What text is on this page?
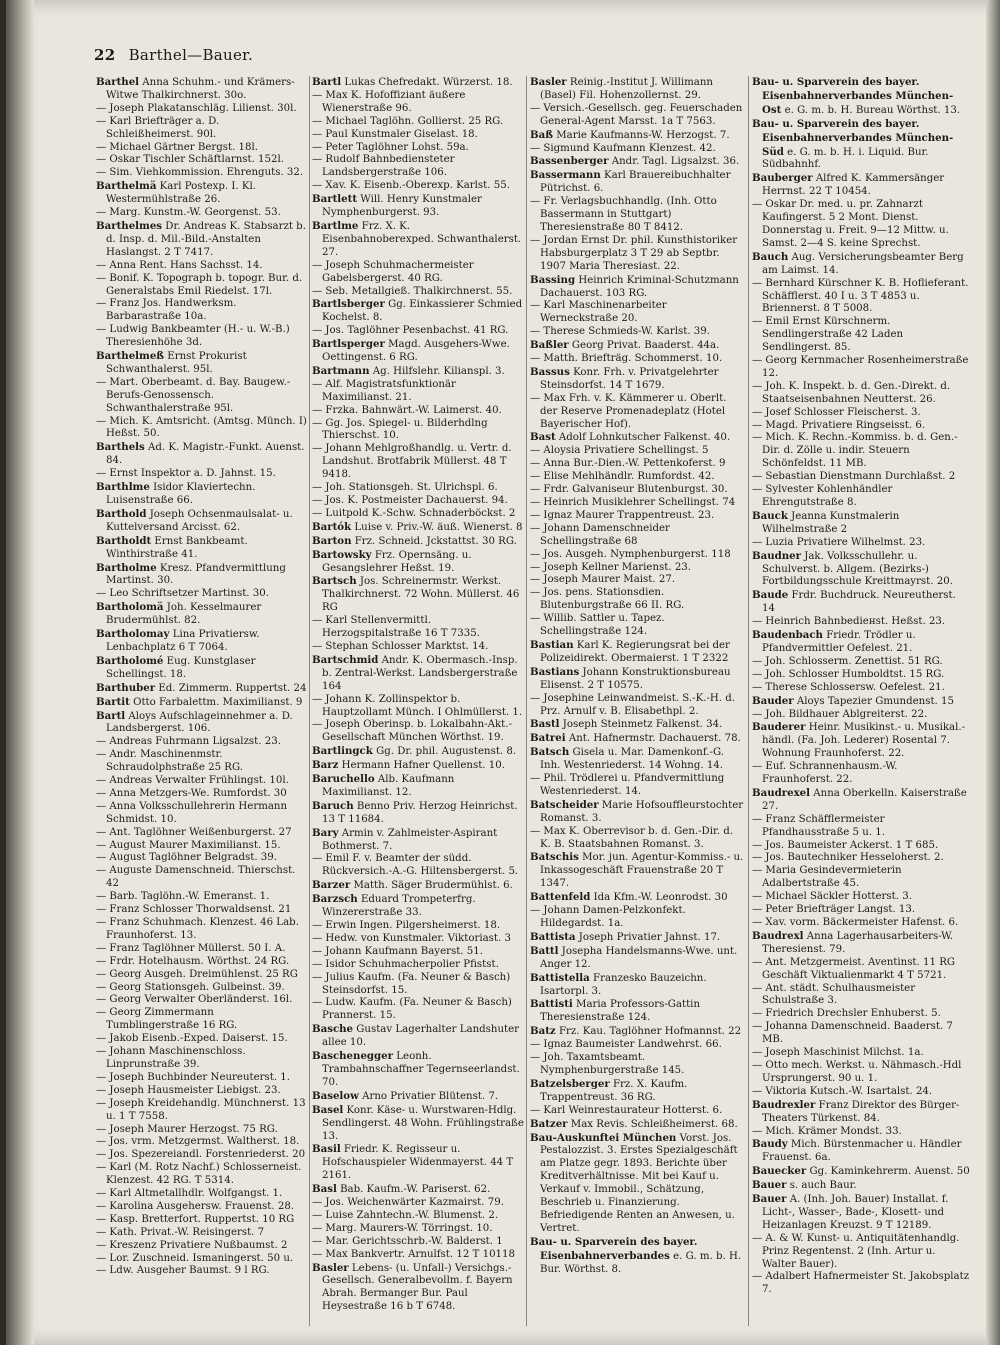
22 Barthel—Bauer.

Barthel Anna Schuhm.- und Krämers-Witwe Thalkirchnerst. 30o.

— Joseph Plakatanschläg. Lilienst. 30l.

— Karl Briefträger a. D. Schleißheimerst. 90l.

— Michael Gärtner Bergst. 18l.

— Oskar Tischler Schäftlarnst. 152l.

— Sim. Viehkommission. Ehrenguts. 32.

Barthelmä Karl Postexp. I. Kl. Westermühlstraße 26.

— Marg. Kunstm.-W. Georgenst. 53.

Barthelmes Dr. Andreas K. Stabsarzt b. d. Insp. d. Mil.-Bild.-Anstalten Haslangst. 2 T 7417.

— Anna Rent. Hans Sachsst. 14.

— Bonif. K. Topograph b. topogr. Bur. d. Generalstabs Emil Riedelst. 17l.

— Franz Jos. Handwerksm. Barbarastraße 10a.

— Ludwig Bankbeamter (H.- u. W.-B.) Theresienhöhe 3d.

Barthelmeß Ernst Prokurist Schwanthalerst. 95l.

— Mart. Oberbeamt. d. Bay. Baugew.-Berufs-Genossensch. Schwanthalerstraße 95l.

— Mich. K. Amtsricht. (Amtsg. Münch. I) Heßst. 50.

Barthels Ad. K. Magistr.-Funkt. Auenst. 84.

— Ernst Inspektor a. D. Jahnst. 15.

Barthlme Isidor Klaviertechn. Luisenstraße 66.

Barthold Joseph Ochsenmaulsalat- u. Kuttelversand Arcisst. 62.

Bartholdt Ernst Bankbeamt. Winthirstraße 41.

Bartholme Kresz. Pfandvermittlung Martinst. 30.

— Leo Schriftsetzer Martinst. 30.

Bartholomä Joh. Kesselmaurer Brudermühlst. 82.

Bartholomay Lina Privatiersw. Lenbachplatz 6 T 7064.

Bartholomé Eug. Kunstglaser Schellingst. 18.

Barthuber Ed. Zimmerm. Ruppertst. 24

Bartit Otto Farbalettm. Maximilianst. 9

Bartl Aloys Aufschlageinnehmer a. D. Landsbergerst. 106.

— Andreas Fuhrmann Ligsalzst. 23.

— Andr. Maschinenmstr. Schraudolphstraße 25 RG.

— Andreas Verwalter Frühlingst. 10l.

— Anna Metzgers-We. Rumfordst. 30

— Anna Volksschullehrerin Hermann Schmidst. 10.

— Ant. Taglöhner Weißenburgerst. 27

— August Maurer Maximilianst. 15.

— August Taglöhner Belgradst. 39.

— Auguste Damenschneid. Thierschst. 42

— Barb. Taglöhn.-W. Emeranst. 1.

— Franz Schlosser Thorwaldsenst. 21

— Franz Schuhmach. Klenzest. 46 Lab. Fraunhoferst. 13.

— Franz Taglöhner Müllerst. 50 I. A.

— Frdr. Hotelhausm. Wörthst. 24 RG.

— Georg Ausgeh. Dreimühlenst. 25 RG

— Georg Stationsgeh. Gulbeinst. 39.

— Georg Verwalter Oberländerst. 16l.

— Georg Zimmermann Tumblingerstraße 16 RG.

— Jakob Eisenb.-Exped. Daiserst. 15.

— Johann Maschinenschloss. Linprunstraße 39.

— Joseph Buchbinder Neureuterst. 1.

— Joseph Hausmeister Liebigst. 23.

— Joseph Kreidehandlg. Münchnerst. 13 u. 1 T 7558.

— Joseph Maurer Herzogst. 75 RG.

— Jos. vrm. Metzgermst. Waltherst. 18.

— Jos. Spezereiandl. Forstenriederst. 20

— Karl (M. Rotz Nachf.) Schlosserneist. Klenzest. 42 RG. T 5314.

— Karl Altmetallhdlr. Wolfgangst. 1.

— Karolina Ausgehersw. Frauenst. 28.

— Kasp. Bretterfort. Ruppertst. 10 RG

— Kath. Privat.-W. Reisingerst. 7

— Kreszenz Privatiere Nußbaumst. 2

— Lor. Zuschneid. Ismaningerst. 50 u.

— Ldw. Ausgeher Baumst. 9 l RG.

Bartl Lukas Chefredakt. Würzerst. 18.

— Max K. Hofoffiziant äußere Wienerstraße 96.

— Michael Taglöhn. Gollierst. 25 RG.

— Paul Kunstmaler Giselast. 18.

— Peter Taglöhner Lohst. 59a.

— Rudolf Bahnbedienstеter Landsbergerstraße 106.

— Xav. K. Eisenb.-Oberexp. Karlst. 55.

Bartlett Will. Henry Kunstmaler Nymphenburgerst. 93.

Bartlme Frz. X. K. Eisenbahnoberexped. Schwanthalerst. 27.

— Joseph Schuhmachermeister Gabelsbergerst. 40 RG.

— Seb. Metallgieß. Thalkirchnerst. 55.

Bartlsberger Gg. Einkassierer Schmied Kochelst. 8.

— Jos. Taglöhner Pesenbachst. 41 RG.

Bartlsperger Magd. Ausgehers-Wwe. Oettingenst. 6 RG.

Bartmann Ag. Hilfslehr. Kilianspl. 3.

— Alf. Magistratsfunktionär Maximilianst. 21.

— Frzka. Bahnwärt.-W. Laimerst. 40.

— Gg. Jos. Spiegel- u. Bilderhdlng Thierschst. 10.

— Johann Mehlgroßhandlg. u. Vertr. d. Landshut. Brotfabrik Müllerst. 48 T 9418.

— Joh. Stationsgeh. St. Ulrichspl. 6.

— Jos. K. Postmeister Dachauerst. 94.

— Luitpold K.-Schw. Schnaderböckst. 2

Bartók Luise v. Priv.-W. äuß. Wienerst. 8

Barton Frz. Schneid. Jckstattst. 30 RG.

Bartowsky Frz. Opernsäng. u. Gesangslehrer Heßst. 19.

Bartsch Jos. Schreinermstr. Werkst. Thalkirchnerst. 72 Wohn. Müllerst. 46 RG

— Karl Stellenvermittl. Herzogspitalstraße 16 T 7335.

— Stephan Schlosser Marktst. 14.

Bartschmid Andr. K. Obermasch.-Insp. b. Zentral-Werkst. Landsbergerstraße 164

— Johann K. Zollinspektor b. Hauptzollamt Münch. I Ohlmüllerst. 1.

— Joseph Oberinsp. b. Lokalbahn-Akt.-Gesellschaft München Wörthst. 19.

Bartlingck Gg. Dr. phil. Augustenst. 8.

Barz Hermann Hafner Quellenst. 10.

Baruchello Alb. Kaufmann Maximilianst. 12.

Baruch Benno Priv. Herzog Heinrichst. 13 T 11684.

Bary Armin v. Zahlmeister-Aspirant Bothmerst. 7.

— Emil F. v. Beamter der südd. Rückversich.-A.-G. Hiltensbergerst. 5.

Barzer Matth. Säger Brudermühlst. 6.

Barzsch Eduard Trompeterfrg. Winzererstraße 33.

— Erwin Ingen. Pilgersheimerst. 18.

— Hedw. von Kunstmaler. Viktoriast. 3

— Johann Kaufmann Bayerst. 51.

— Isidor Schuhmacherpolier Pfistst.

— Julius Kaufm. (Fa. Neuner & Basch) Steinsdorfst. 15.

— Ludw. Kaufm. (Fa. Neuner & Basch) Prannerst. 15.

Basche Gustav Lagerhalter Landshuter allee 10.

Baschenegger Leonh. Trambahnschaffner Tegernseerlandst. 70.

Baselow Arno Privatier Blütenst. 7.

Basel Konr. Käse- u. Wurstwaren-Hdlg. Sendlingerst. 48 Wohn. Frühlingstraße 13.

Basil Friedr. K. Regisseur u. Hofschauspieler Widenmayerst. 44 T 2161.

Basl Bab. Kaufm.-W. Pariserst. 62.

— Jos. Weichenwärter Kazmairst. 79.

— Luise Zahntechn.-W. Blumenst. 2.

— Marg. Maurers-W. Törringst. 10.

— Mar. Gerichtsschrb.-W. Balderst. 1

— Max Bankvertr. Arnulfst. 12 T 10118

Basler Lebens- (u. Unfall-) Versichgs.-Gesellsch. Generalbevollm. f. Bayern Abrah. Bermanger Bur. Paul Heysestraße 16 b T 6748.

Basler Reinig.-Institut J. Willimann (Basel) Fil. Hohenzollernst. 29.

— Versich.-Gesellsch. geg. Feuerschaden General-Agent Marsst. 1a T 7563.

Baß Marie Kaufmanns-W. Herzogst. 7.

— Sigmund Kaufmann Klenzest. 42.

Bassenberger Andr. Tagl. Ligsalzst. 36.

Bassermann Karl Brauereibuchhalter Pütrichst. 6.

— Fr. Verlagsbuchhandlg. (Inh. Otto Bassermann in Stuttgart) Theresienstraße 80 T 8412.

— Jordan Ernst Dr. phil. Kunsthistoriker Habsburgerplatz 3 T 29 ab Septbr. 1907 Maria Theresiast. 22.

Bassing Heinrich Kriminal-Schutzmann Dachauerst. 103 RG.

— Karl Maschinenarbeiter Werneckstraße 20.

— Therese Schmieds-W. Karlst. 39.

Baßler Georg Privat. Baaderst. 44a.

— Matth. Briefträg. Schommerst. 10.

Bassus Konr. Frh. v. Privatgelehrter Steinsdorfst. 14 T 1679.

— Max Frh. v. K. Kämmerer u. Oberlt. der Reserve Promenadeplatz (Hotel Bayerischer Hof).

Bast Adolf Lohnkutscher Falkenst. 40.

— Aloysia Privatiere Schellingst. 5

— Anna Bur.-Dien.-W. Pettenkoferst. 9

— Elise Mehlhändlr. Rumfordst. 42.

— Frdr. Galvaniseur Blutenburgst. 30.

— Heinrich Musiklehrer Schellingst. 74

— Ignaz Maurer Trappentreust. 23.

— Johann Damenschneider Schellingstraße 68

— Jos. Ausgeh. Nymphenburgerst. 118

— Joseph Kellner Marienst. 23.

— Joseph Maurer Maist. 27.

— Jos. pens. Stationsdien. Blutenburgstraße 66 II. RG.

— Willib. Sattler u. Tapez. Schellingstraße 124.

Bastian Karl K. Regierungsrat bei der Polizeidirekt. Obermaierst. 1 T 2322

Bastians Johann Konstruktionsbureau Elisenst. 2 T 10575.

— Josephine Leinwandmeist. S.-K.-H. d. Prz. Arnulf v. B. Elisabethpl. 2.

Bastl Joseph Steinmetz Falkenst. 34.

Batrei Ant. Hafnermstr. Dachauerst. 78.

Batsch Gisela u. Mar. Damenkonf.-G. Inh. Westenriederst. 14 Wohng. 14.

— Phil. Trödlerei u. Pfandvermittlung Westenriederst. 14.

Batscheider Marie Hofsouffleurstochter Romanst. 3.

— Max K. Oberrevisor b. d. Gen.-Dir. d. K. B. Staatsbahnen Romanst. 3.

Batschis Mor. jun. Agentur-Kommiss.- u. Inkassogeschäft Frauenstraße 20 T 1347.

Battenfeld Ida Kfm.-W. Leonrodst. 30

— Johann Damen-Pelzkonfekt. Hildegardst. 1a.

Battista Joseph Privatier Jahnst. 17.

Battl Josepha Handelsmanns-Wwe. unt. Anger 12.

Battistella Franzesko Bauzeichn. Isartorpl. 3.

Battisti Maria Professors-Gattin Theresienstraße 124.

Batz Frz. Kau. Taglöhner Hofmannst. 22

— Ignaz Baumeister Landwehrst. 66.

— Joh. Taxamtsbeamt. Nymphenburgerstraße 145.

Batzelsberger Frz. X. Kaufm. Trappentreust. 36 RG.

— Karl Weinrestaurateur Hotterst. 6.

Batzer Max Revis. Schleißheimerst. 68.

Bau-Auskunftei München Vorst. Jos. Pestalozzist. 3. Erstes Spezialgeschäft am Platze gegr. 1893. Berichte über Kreditverhältnisse. Mit bei Kauf u. Verkauf v. Immobil., Schätzung, Beschrieb u. Finanzierung. Befriedigende Renten an Anwesen, u. Vertret.

Bau- u. Sparverein des bayer. Eisenbahnerverbandes e. G. m. b. H. Bur. Wörthst. 8.

Bau- u. Sparverein des bayer. Eisenbahnerverbandes München-Ost e. G. m. b. H. Bureau Wörthst. 13.

Bau- u. Sparverein des bayer. Eisenbahnerverbandes München-Süd e. G. m. b. H. i. Liquid. Bur. Südbahnhf.

Bauberger Alfred K. Kammersänger Herrnst. 22 T 10454.

— Oskar Dr. med. u. pr. Zahnarzt Kaufingerst. 5 2 Mont. Dienst. Donnerstag u. Freit. 9—12 Mittw. u. Samst. 2—4 S. keine Sprechst.

Bauch Aug. Versicherungsbeamter Berg am Laimst. 14.

— Bernhard Kürschner K. B. Hoflieferant. Schäfflerst. 40 I u. 3 T 4853 u. Briennerst. 8 T 5008.

— Emil Ernst Kürschnerm. Sendlingerstraße 42 Laden Sendlingerst. 85.

— Georg Kernmacher Rosenheimerstraße 12.

— Joh. K. Inspekt. b. d. Gen.-Direkt. d. Staatseisenbahnen Neutterst. 26.

— Josef Schlosser Fleischerst. 3.

— Magd. Privatiere Ringseisst. 6.

— Mich. K. Rechn.-Kommiss. b. d. Gen.-Dir. d. Zölle u. indir. Steuern Schönfeldst. 11 MB.

— Sebastian Dienstmann Durchlaßst. 2

— Sylvester Kohlenhändler Ehrengutstraße 8.

Bauck Jeanna Kunstmalerin Wilhelmstraße 2

— Luzia Privatiere Wilhelmst. 23.

Baudner Jak. Volksschullehr. u. Schulverst. b. Allgem. (Bezirks-) Fortbildungsschule Kreittmayrst. 20.

Baude Frdr. Buchdruck. Neureutherst. 14

— Heinrich Bahnbediенst. Heßst. 23.

Baudenbach Friedr. Trödler u. Pfandvermittler Oefelest. 21.

— Joh. Schlosserm. Zenettist. 51 RG.

— Joh. Schlosser Humboldtst. 15 RG.

— Therese Schlossersw. Oefelest. 21.

Bauder Aloys Tapezier Gmundenst. 15

— Joh. Bildhauer Ablgreiterst. 22.

Bauderer Heinr. Musikinst.- u. Musikal.-händl. (Fa. Joh. Lederer) Rosental 7. Wohnung Fraunhoferst. 22.

— Euf. Schrannenhausm.-W. Fraunhoferst. 22.

Baudrexel Anna Oberkelln. Kaiserstraße 27.

— Franz Schäfflermeister Pfandhausstraße 5 u. 1.

— Jos. Baumeister Ackerst. 1 T 685.

— Jos. Bautechniker Hesseloherst. 2.

— Maria Gesindevermieterin Adalbertstraße 45.

— Michael Säckler Hotterst. 3.

— Peter Briefträger Langst. 13.

— Xav. vorm. Bäckermeister Hafenst. 6.

Baudrexl Anna Lagerhausarbeiters-W. Theresienst. 79.

— Ant. Metzgermeist. Aventinst. 11 RG Geschäft Viktualienmarkt 4 T 5721.

— Ant. städt. Schulhausmeister Schulstraße 3.

— Friedrich Drechsler Enhuberst. 5.

— Johanna Damenschneid. Baaderst. 7 MB.

— Joseph Maschinist Milchst. 1a.

— Otto mech. Werkst. u. Nähmasch.-Hdl Ursprungerst. 90 u. 1.

— Viktoria Kutsch.-W. Isartalst. 24.

Baudrexler Franz Direktor des Bürger-Theaters Türkenst. 84.

— Mich. Krämer Mondst. 33.

Baudy Mich. Bürstenmacher u. Händler Frauenst. 6a.

Bauecker Gg. Kaminkehrerm. Auenst. 50

Bauer s. auch Baur.

Bauer A. (Inh. Joh. Bauer) Installat. f. Licht-, Wasser-, Bade-, Klosett- und Heizanlagen Kreuzst. 9 T 12189.

— A. & W. Kunst- u. Antiquitätenhandlg. Prinz Regentenst. 2 (Inh. Artur u. Walter Bauer).

— Adalbert Hafnermeister St. Jakobsplatz 7.
